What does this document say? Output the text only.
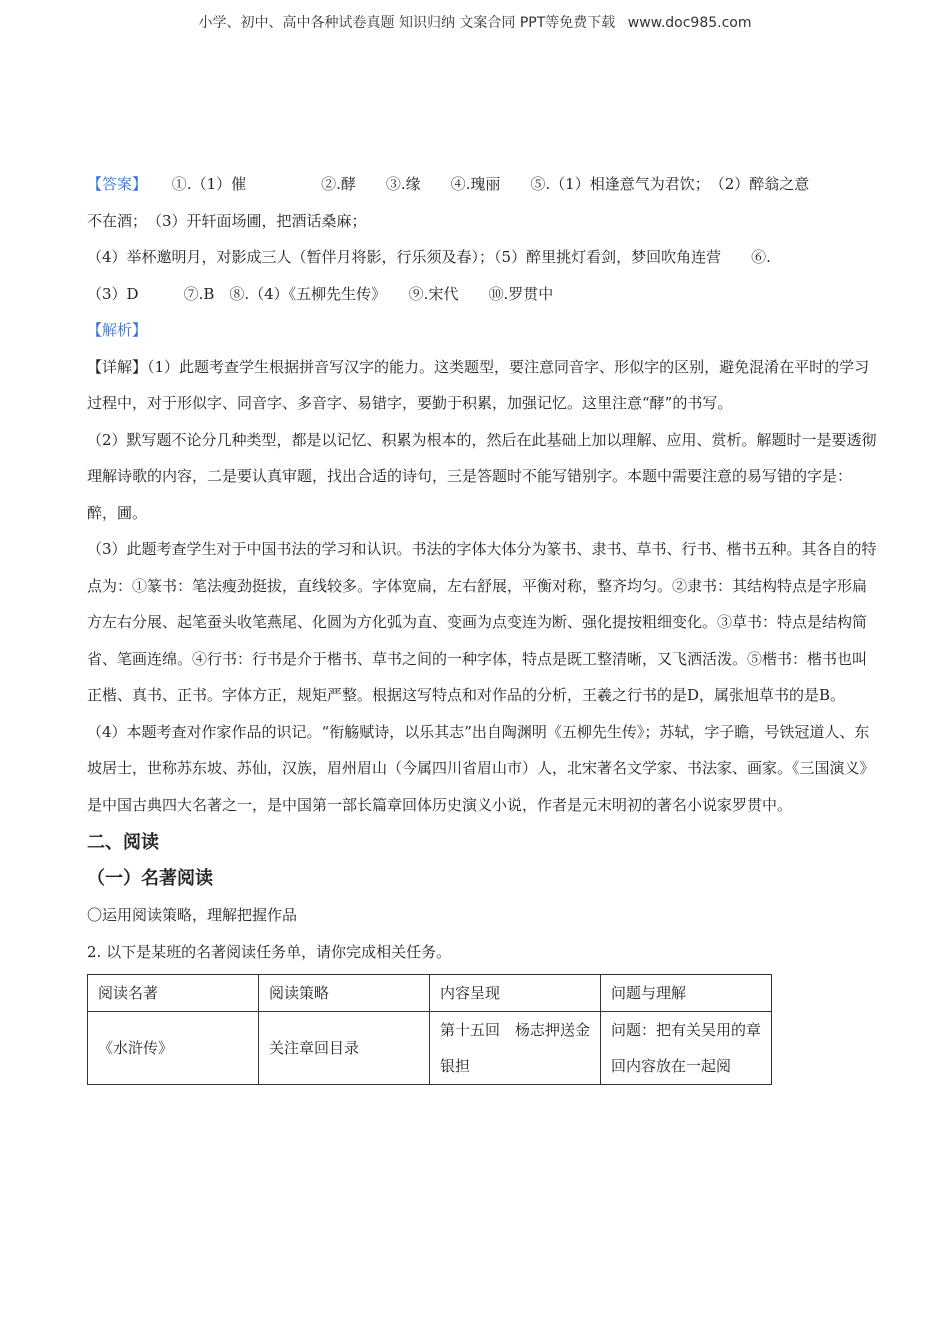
小学、初中、高中各种试卷真题 知识归纳 文案合同 PPT等免费下载 www.doc985.com

【答案】 ①.（1）催　　　　　②.酵　　③.缘　　④.瑰丽　　⑤.（1）相逢意气为君饮；　（2）醉翁之意

不在酒；　（3）开轩面场圃，把酒话桑麻；

（4）举杯邀明月，对影成三人（暂伴月将影，行乐须及春）；（5）醉里挑灯看剑，梦回吹角连营　　⑥.

（3）D　　　⑦.B　⑧.（4）《五柳先生传》　　⑨.宋代　　⑩.罗贯中

【解析】

【详解】（1）此题考查学生根据拼音写汉字的能力。这类题型，要注意同音字、形似字的区别，避免混淆在平时的学习过程中，对于形似字、同音字、多音字、易错字，要勤于积累，加强记忆。这里注意“酵”的书写。

（2）默写题不论分几种类型，都是以记忆、积累为根本的，然后在此基础上加以理解、应用、赏析。解题时一是要透彻理解诗歌的内容，二是要认真审题，找出合适的诗句，三是答题时不能写错别字。本题中需要注意的易写错的字是：醉，圃。

（3）此题考查学生对于中国书法的学习和认识。书法的字体大体分为篆书、隶书、草书、行书、楷书五种。其各自的特点为：①篆书：笔法瘦劲挺拔，直线较多。字体宽扁，左右舒展，平衡对称，整齐均匀。②隶书：其结构特点是字形扁方左右分展、起笔蚕头收笔燕尾、化圆为方化弧为直、变画为点变连为断、强化提按粗细变化。③草书：特点是结构简省、笔画连绵。④行书：行书是介于楷书、草书之间的一种字体，特点是既工整清晰，又飞洒活泼。⑤楷书：楷书也叫正楷、真书、正书。字体方正，规矩严整。根据这写特点和对作品的分析，王羲之行书的是D，属张旭草书的是B。

（4）本题考查对作家作品的识记。“衔觞赋诗，以乐其志”出自陶渊明《五柳先生传》；苏轼，字子瞻，号铁冠道人、东坡居士，世称苏东坡、苏仙，汉族，眉州眉山（今属四川省眉山市）人，北宋著名文学家、书法家、画家。《三国演义》是中国古典四大名著之一，是中国第一部长篇章回体历史演义小说，作者是元末明初的著名小说家罗贯中。

二、阅读

（一）名著阅读

〇运用阅读策略，理解把握作品

2. 以下是某班的名著阅读任务单，请你完成相关任务。

阅读名著	阅读策略	内容呈现	问题与理解
《水浒传》	关注章回目录	第十五回　杨志押送金银担	问题：把有关吴用的章回内容放在一起阅
